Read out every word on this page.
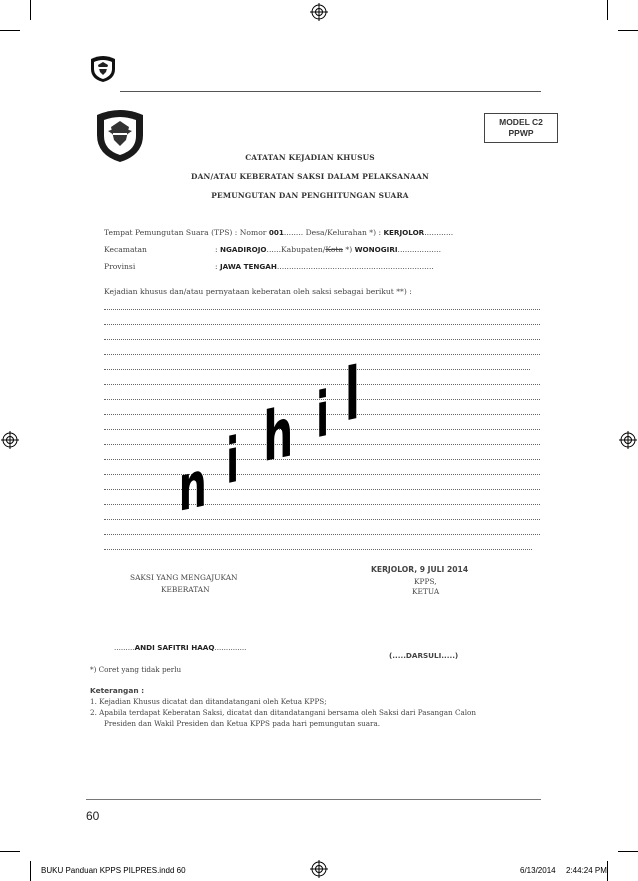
MODEL C2
PPWP
CATATAN KEJADIAN KHUSUS
DAN/ATAU KEBERATAN SAKSI DALAM PELAKSANAAN
PEMUNGUTAN DAN PENGHITUNGAN SUARA
Tempat Pemungutan Suara (TPS) : Nomor 001........ Desa/Kelurahan *) : KERJOLOR............
Kecamatan	: NGADIROJO......Kabupaten/Kota *) WONOGIRI..................
Provinsi	: JAWA TENGAH.................................................................
Kejadian khusus dan/atau pernyataan keberatan oleh saksi sebagai berikut **) :
n i h i l
SAKSI YANG MENGAJUKAN
KEBERATAN
KERJOLOR, 9 JULI 2014
KPPS,
KETUA
.........ANDI SAFITRI HAAQ..............
(.....DARSULI.....)
*) Coret yang tidak perlu
Keterangan :
1. Kejadian Khusus dicatat dan ditandatangani oleh Ketua KPPS;
2. Apabila terdapat Keberatan Saksi, dicatat dan ditandatangani bersama oleh Saksi dari Pasangan Calon
Presiden dan Wakil Presiden dan Ketua KPPS pada hari pemungutan suara.
60
BUKU Panduan KPPS PILPRES.indd 60	6/13/2014 2:44:24 PM
